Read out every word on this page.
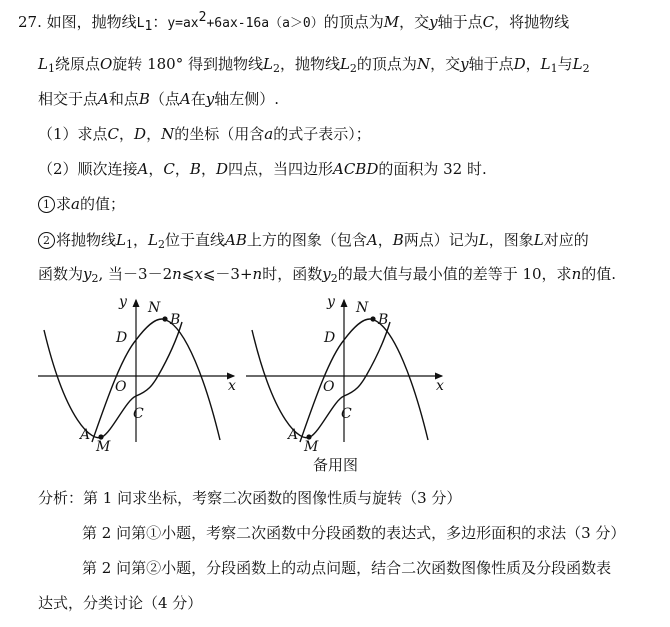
27. 如图，抛物线L1：y=ax2+6ax-16a（a＞0）的顶点为M，交y轴于点C，将抛物线
$L_1$绕原点O旋转 180° 得到抛物线$L_2$，抛物线$L_2$的顶点为N，交y轴于点D，$L_1$与$L_2$
相交于点A和点B（点A在y轴左侧）.
（1）求点C，D，N的坐标（用含a的式子表示）；
（2）顺次连接A，C，B，D四点，当四边形ACBD的面积为 32 时.
1 求a的值；
2 将抛物线$L_1$，$L_2$位于直线AB上方的图象（包含A，B两点）记为L，图象L对应的
函数为$y_2$, 当－3－2n⩽x⩽－3+n时，函数$y_2$的最大值与最小值的差等于 10，求n的值.
y
x
N
B
D
O
C
A
M
y
x
N
B
D
O
C
A
M
备用图
分析：第 1 问求坐标，考察二次函数的图像性质与旋转（3 分）
第 2 问第①小题，考察二次函数中分段函数的表达式，多边形面积的求法（3 分）
第 2 问第②小题，分段函数上的动点问题，结合二次函数图像性质及分段函数表
达式，分类讨论（4 分）
